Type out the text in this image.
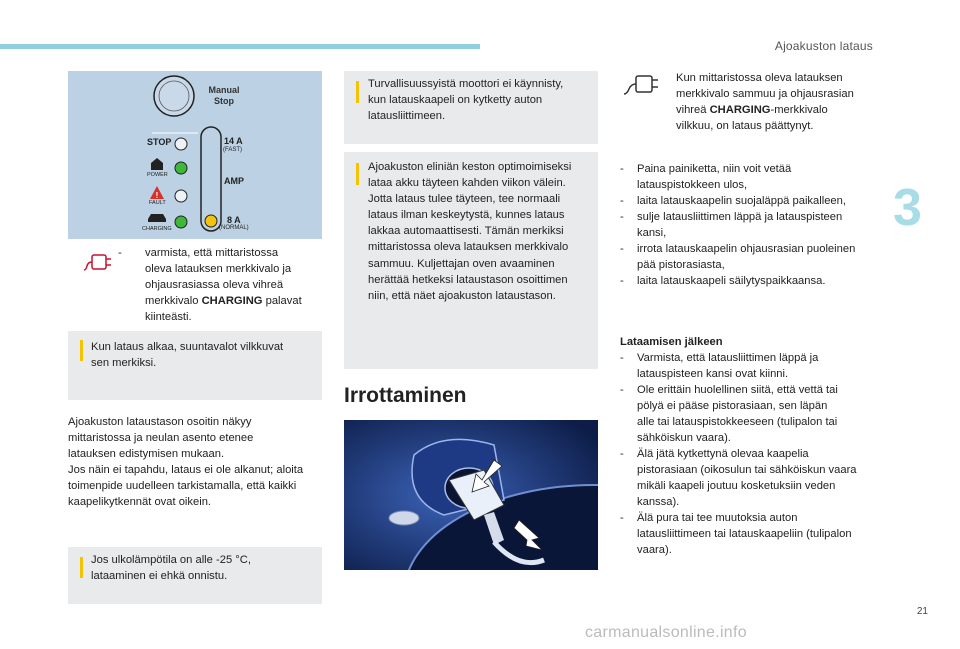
Ajoakuston lataus
3
!
Manual
Stop
STOP	14 A
(FAST)
AMP
8 A
(NORMAL)
POWER
FAULT
CHARGING
- varmista, että mittaristossa
oleva latauksen merkkivalo ja
ohjausrasiassa oleva vihreä
merkkivalo CHARGING palavat
kiinteästi.
Kun lataus alkaa, suuntavalot vilkkuvat
sen merkiksi.
Ajoakuston lataustason osoitin näkyy
mittaristossa ja neulan asento etenee
latauksen edistymisen mukaan.
Jos näin ei tapahdu, lataus ei ole alkanut; aloita
toimenpide uudelleen tarkistamalla, että kaikki
kaapelikytkennät ovat oikein.
Jos ulkolämpötila on alle -25 °C,
lataaminen ei ehkä onnistu.
Turvallisuussyistä moottori ei käynnisty,
kun latauskaapeli on kytketty auton
latausliittimeen.
Ajoakuston eliniän keston optimoimiseksi
lataa akku täyteen kahden viikon välein.
Jotta lataus tulee täyteen, tee normaali
lataus ilman keskeytystä, kunnes lataus
lakkaa automaattisesti. Tämän merkiksi
mittaristossa oleva latauksen merkkivalo
sammuu. Kuljettajan oven avaaminen
herättää hetkeksi lataustason osoittimen
niin, että näet ajoakuston lataustason.
Irrottaminen
Kun mittaristossa oleva latauksen
merkkivalo sammuu ja ohjausrasian
vihreä CHARGING-merkkivalo
vilkkuu, on lataus päättynyt.
- Paina painiketta, niin voit vetää
latauspistokkeen ulos,
- laita latauskaapelin suojaläppä paikalleen,
- sulje latausliittimen läppä ja latauspisteen
kansi,
- irrota latauskaapelin ohjausrasian puoleinen
pää pistorasiasta,
- laita latauskaapeli säilytyspaikkaansa.
Lataamisen jälkeen
- Varmista, että latausliittimen läppä ja
latauspisteen kansi ovat kiinni.
- Ole erittäin huolellinen siitä, että vettä tai
pölyä ei pääse pistorasiaan, sen läpän
alle tai latauspistokkeeseen (tulipalon tai
sähköiskun vaara).
- Älä jätä kytkettynä olevaa kaapelia
pistorasiaan (oikosulun tai sähköiskun vaara
mikäli kaapeli joutuu kosketuksiin veden
kanssa).
- Älä pura tai tee muutoksia auton
latausliittimeen tai latauskaapeliin (tulipalon
vaara).
21
carmanualsonline.info
